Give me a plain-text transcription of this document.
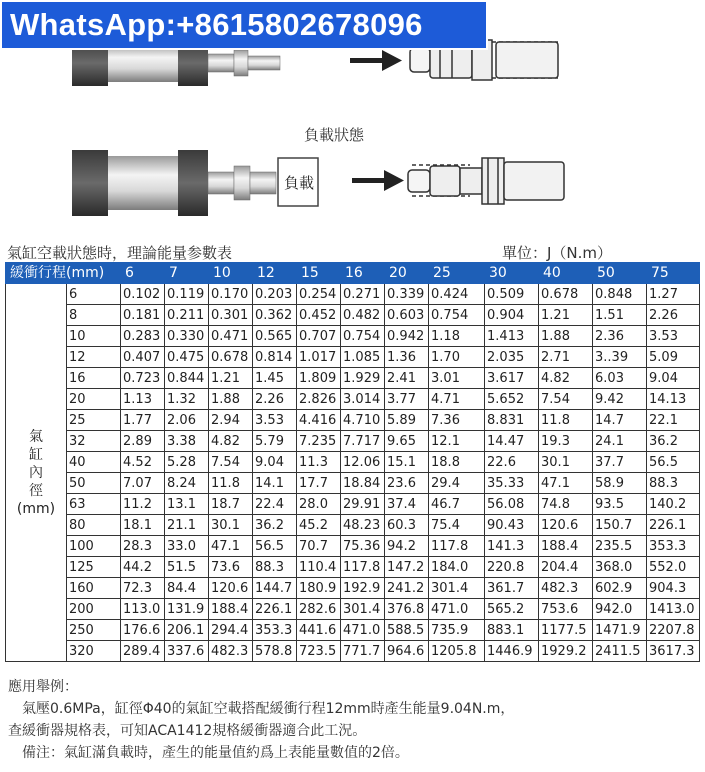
負載狀態
負載
WhatsApp:+8615802678096
氣缸空載狀態時，理論能量参數表	單位：J（N.m）
緩衝行程(mm)		6	7	10	12	15	16	20	25	30	40	50	75

氣
缸
內
徑
(mm)	6	0.102	0.119	0.170	0.203	0.254	0.271	0.339	0.424	0.509	0.678	0.848	1.27
	8	0.181	0.211	0.301	0.362	0.452	0.482	0.603	0.754	0.904	1.21	1.51	2.26
	10	0.283	0.330	0.471	0.565	0.707	0.754	0.942	1.18	1.413	1.88	2.36	3.53
	12	0.407	0.475	0.678	0.814	1.017	1.085	1.36	1.70	2.035	2.71	3..39	5.09
	16	0.723	0.844	1.21	1.45	1.809	1.929	2.41	3.01	3.617	4.82	6.03	9.04
	20	1.13	1.32	1.88	2.26	2.826	3.014	3.77	4.71	5.652	7.54	9.42	14.13
	25	1.77	2.06	2.94	3.53	4.416	4.710	5.89	7.36	8.831	11.8	14.7	22.1
	32	2.89	3.38	4.82	5.79	7.235	7.717	9.65	12.1	14.47	19.3	24.1	36.2
	40	4.52	5.28	7.54	9.04	11.3	12.06	15.1	18.8	22.6	30.1	37.7	56.5
	50	7.07	8.24	11.8	14.1	17.7	18.84	23.6	29.4	35.33	47.1	58.9	88.3
	63	11.2	13.1	18.7	22.4	28.0	29.91	37.4	46.7	56.08	74.8	93.5	140.2
	80	18.1	21.1	30.1	36.2	45.2	48.23	60.3	75.4	90.43	120.6	150.7	226.1
	100	28.3	33.0	47.1	56.5	70.7	75.36	94.2	117.8	141.3	188.4	235.5	353.3
	125	44.2	51.5	73.6	88.3	110.4	117.8	147.2	184.0	220.8	204.4	368.0	552.0
	160	72.3	84.4	120.6	144.7	180.9	192.9	241.2	301.4	361.7	482.3	602.9	904.3
	200	113.0	131.9	188.4	226.1	282.6	301.4	376.8	471.0	565.2	753.6	942.0	1413.0
	250	176.6	206.1	294.4	353.3	441.6	471.0	588.5	735.9	883.1	1177.5	1471.9	2207.8
	320	289.4	337.6	482.3	578.8	723.5	771.7	964.6	1205.8	1446.9	1929.2	2411.5	3617.3
應用舉例：
氣壓0.6MPa，缸徑Φ40的氣缸空載搭配緩衝行程12mm時產生能量9.04N.m，
查緩衝器規格表，可知ACA1412規格緩衝器適合此工況。
備注：氣缸滿負載時，產生的能量值約爲上表能量數值的2倍。
